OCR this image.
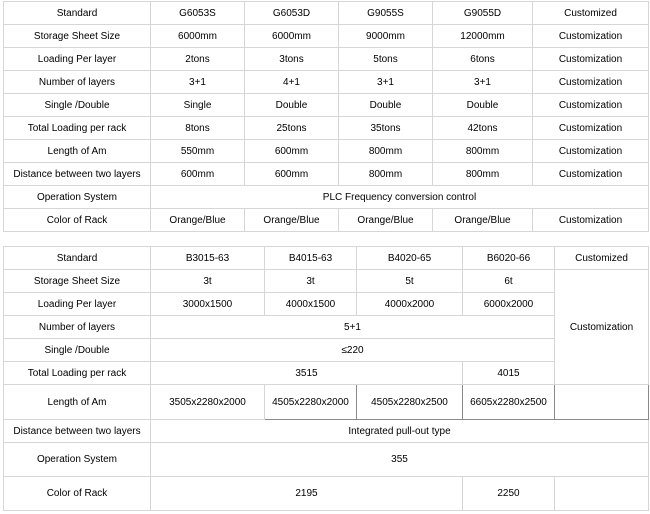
Standard	G6053S	G6053D	G9055S	G9055D	Customized
Storage Sheet Size	6000mm	6000mm	9000mm	12000mm	Customization
Loading Per layer	2tons	3tons	5tons	6tons	Customization
Number of layers	3+1	4+1	3+1	3+1	Customization
Single /Double	Single	Double	Double	Double	Customization
Total Loading per rack	8tons	25tons	35tons	42tons	Customization
Length of Am	550mm	600mm	800mm	800mm	Customization
Distance between two layers	600mm	600mm	800mm	800mm	Customization
Operation System	PLC Frequency conversion control				
Color of Rack	Orange/Blue	Orange/Blue	Orange/Blue	Orange/Blue	Customization
Standard	B3015-63	B4015-63	B4020-65	B6020-66	Customized
Storage Sheet Size	3t	3t	5t	6t	Customization
Loading Per layer	3000x1500	4000x1500	4000x2000	6000x2000	
Number of layers	5+1				
Single /Double	≤220				
Total Loading per rack	3515			4015	
Length of Am	3505x2280x2000	4505x2280x2000	4505x2280x2500	6605x2280x2500	
Distance between two layers	Integrated pull-out type				
Operation System	355				
Color of Rack	2195			2250	
